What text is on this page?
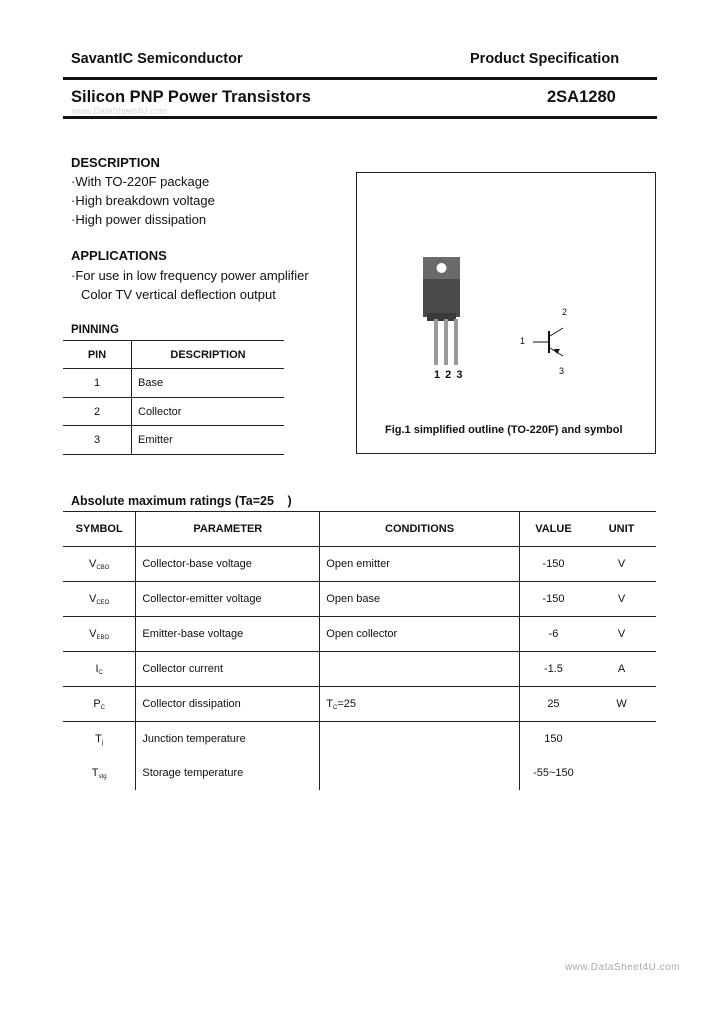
SavantIC Semiconductor	Product Specification
Silicon PNP Power Transistors	2SA1280
www.DataSheet4U.com
DESCRIPTION
·With TO-220F package
·High breakdown voltage
·High power dissipation
APPLICATIONS
·For use in low frequency power amplifier
Color TV vertical deflection output
PINNING
PIN	DESCRIPTION
1	Base
2	Collector
3	Emitter
1 2 3
1
2
3
Fig.1 simplified outline (TO-220F) and symbol
Absolute maximum ratings (Ta=25 )
SYMBOL	PARAMETER	CONDITIONS	VALUE	UNIT
$V_{CBO}$	Collector-base voltage	Open emitter	-150	V
$V_{CEO}$	Collector-emitter voltage	Open base	-150	V
$V_{EBO}$	Emitter-base voltage	Open collector	-6	V
$I_C$	Collector current		-1.5	A
$P_C$	Collector dissipation	$T_C=25$	25	W
$T_j$	Junction temperature		150	
$T_{stg}$	Storage temperature		-55~150	
www.DataSheet4U.com
